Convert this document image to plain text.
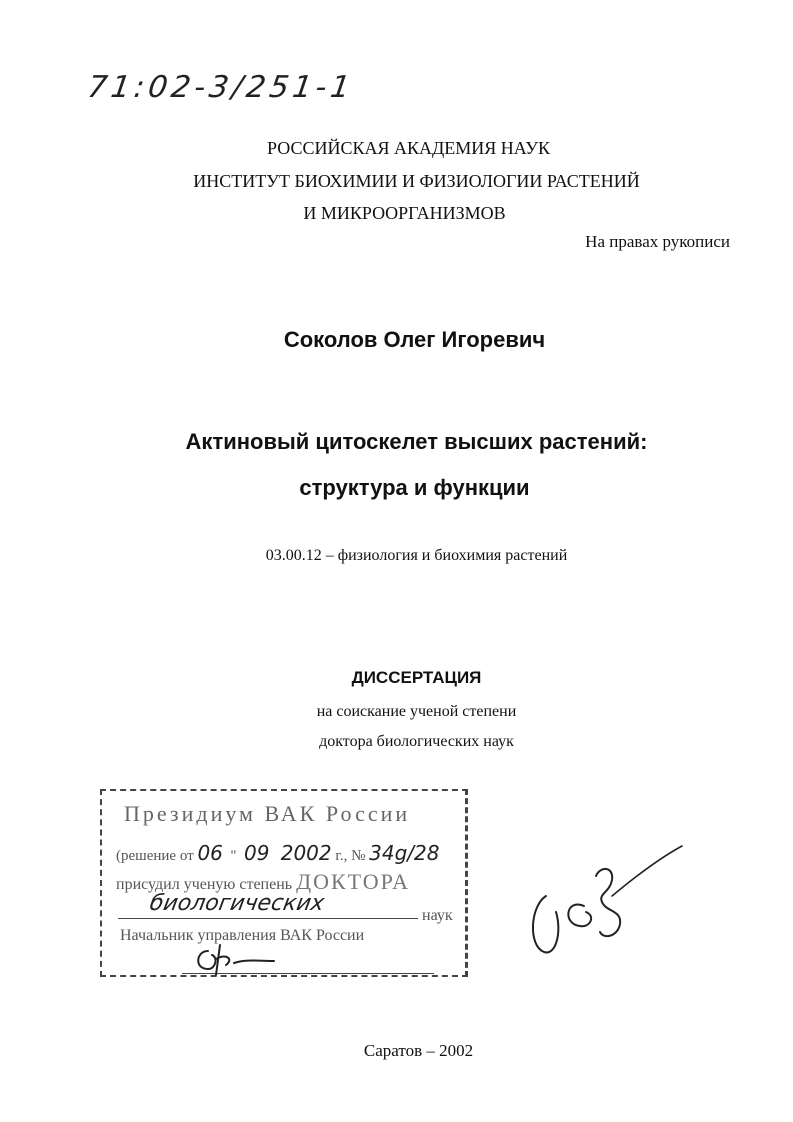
71:02-3/251-1
РОССИЙСКАЯ АКАДЕМИЯ НАУК
ИНСТИТУТ БИОХИМИИ И ФИЗИОЛОГИИ РАСТЕНИЙ
И МИКРООРГАНИЗМОВ
На правах рукописи
Соколов Олег Игоревич
Актиновый цитоскелет высших растений:
структура и функции
03.00.12 – физиология и биохимия растений
ДИССЕРТАЦИЯ
на соискание ученой степени
доктора биологических наук
Президиум ВАК России
(решение от 06  "  09 2002 г., № 34g/28
присудил ученую степень ДОКТОРА
биологических	наук
Начальник управления ВАК России
Саратов – 2002
